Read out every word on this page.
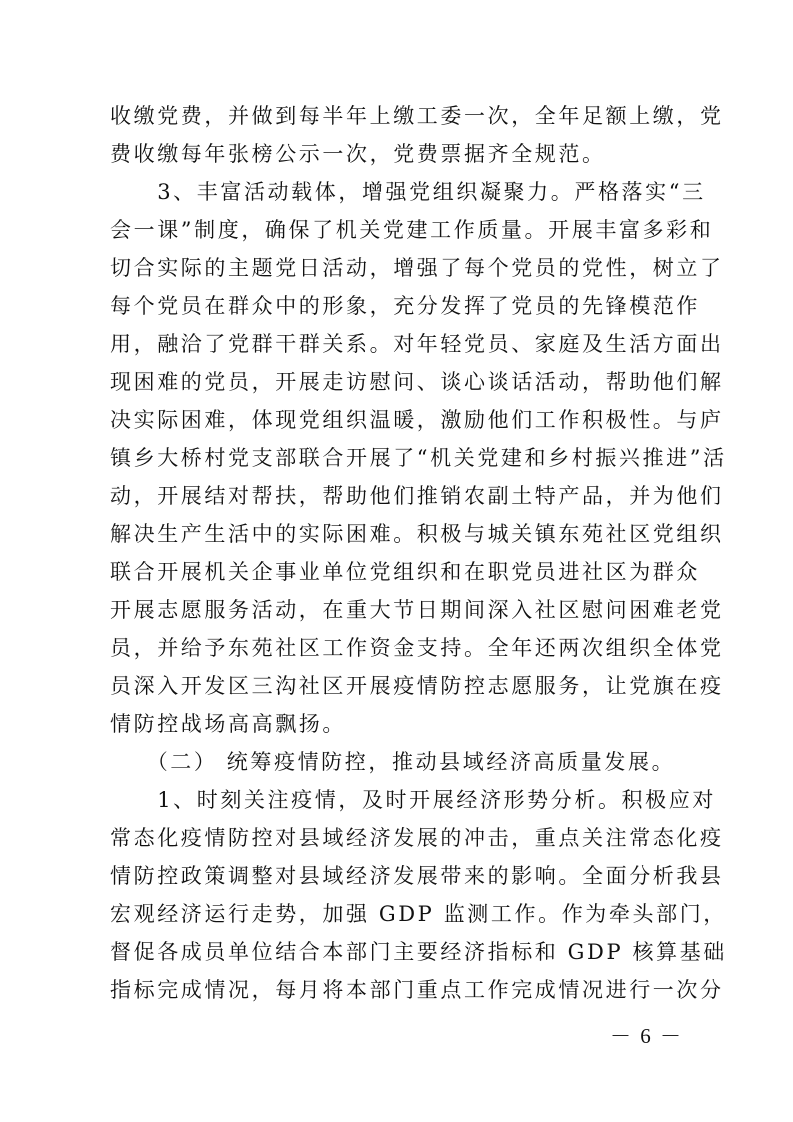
收缴党费，并做到每半年上缴工委一次，全年足额上缴，党
费收缴每年张榜公示一次，党费票据齐全规范。
　　3、丰富活动载体，增强党组织凝聚力。严格落实“三
会一课”制度，确保了机关党建工作质量。开展丰富多彩和
切合实际的主题党日活动，增强了每个党员的党性，树立了
每个党员在群众中的形象，充分发挥了党员的先锋模范作
用，融洽了党群干群关系。对年轻党员、家庭及生活方面出
现困难的党员，开展走访慰问、谈心谈话活动，帮助他们解
决实际困难，体现党组织温暖，激励他们工作积极性。与庐
镇乡大桥村党支部联合开展了“机关党建和乡村振兴推进”活
动，开展结对帮扶，帮助他们推销农副土特产品，并为他们
解决生产生活中的实际困难。积极与城关镇东苑社区党组织
联合开展机关企事业单位党组织和在职党员进社区为群众
开展志愿服务活动，在重大节日期间深入社区慰问困难老党
员，并给予东苑社区工作资金支持。全年还两次组织全体党
员深入开发区三沟社区开展疫情防控志愿服务，让党旗在疫
情防控战场高高飘扬。
　　（二） 统筹疫情防控，推动县域经济高质量发展。
　　1、时刻关注疫情，及时开展经济形势分析。积极应对
常态化疫情防控对县域经济发展的冲击，重点关注常态化疫
情防控政策调整对县域经济发展带来的影响。全面分析我县
宏观经济运行走势，加强 GDP 监测工作。作为牵头部门，
督促各成员单位结合本部门主要经济指标和 GDP 核算基础
指标完成情况，每月将本部门重点工作完成情况进行一次分
－ 6 －
